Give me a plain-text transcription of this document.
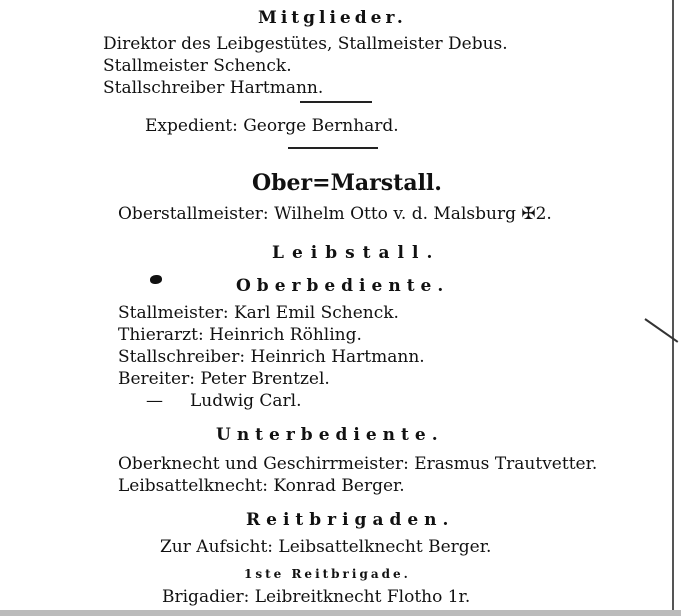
Mitglieder.
Direktor des Leibgestütes, Stallmeister Debus.
Stallmeister Schenck.
Stallschreiber Hartmann.
Expedient: George Bernhard.
Ober=Marstall.
Oberstallmeister: Wilhelm Otto v. d. Malsburg ✠2.
Leibstall.
Oberbediente.
Stallmeister: Karl Emil Schenck.
Thierarzt: Heinrich Röhling.
Stallschreiber: Heinrich Hartmann.
Bereiter: Peter Brentzel.
—     Ludwig Carl.
Unterbediente.
Oberknecht und Geschirrmeister: Erasmus Trautvetter.
Leibsattelknecht: Konrad Berger.
Reitbrigaden.
Zur Aufsicht: Leibsattelknecht Berger.
1ste Reitbrigade.
Brigadier: Leibreitknecht Flotho 1r.
